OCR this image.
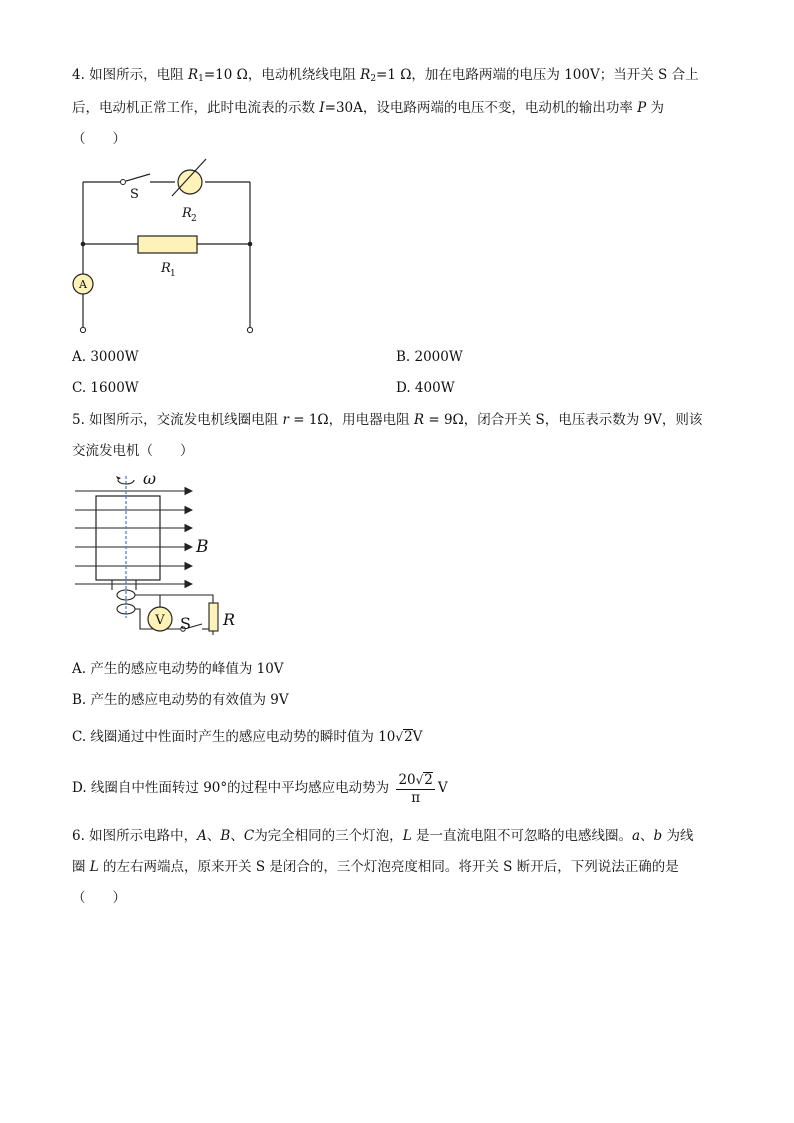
4. 如图所示，电阻 $R_1=10$ Ω，电动机绕线电阻 $R_2=1$ Ω，加在电路两端的电压为 100V；当开关 S 合上
后，电动机正常工作，此时电流表的示数 I=30A，设电路两端的电压不变，电动机的输出功率 P 为
（　　）
A
S
R 2
R 1
A. 3000W	B. 2000W
C. 1600W	D. 400W
5. 如图所示，交流发电机线圈电阻 r = 1Ω，用电器电阻 R = 9Ω，闭合开关 S，电压表示数为 9V，则该
交流发电机（　　）
ω
B
V S R
A. 产生的感应电动势的峰值为 10V
B. 产生的感应电动势的有效值为 9V
C. 线圈通过中性面时产生的感应电动势的瞬时值为 10√2V
D. 线圈自中性面转过 90°的过程中平均感应电动势为 $\frac{20√2}{\pi}$ V
6. 如图所示电路中，A、B、C为完全相同的三个灯泡，L 是一直流电阻不可忽略的电感线圈。a、b 为线
圈 L 的左右两端点，原来开关 S 是闭合的，三个灯泡亮度相同。将开关 S 断开后，下列说法正确的是
（　　）
